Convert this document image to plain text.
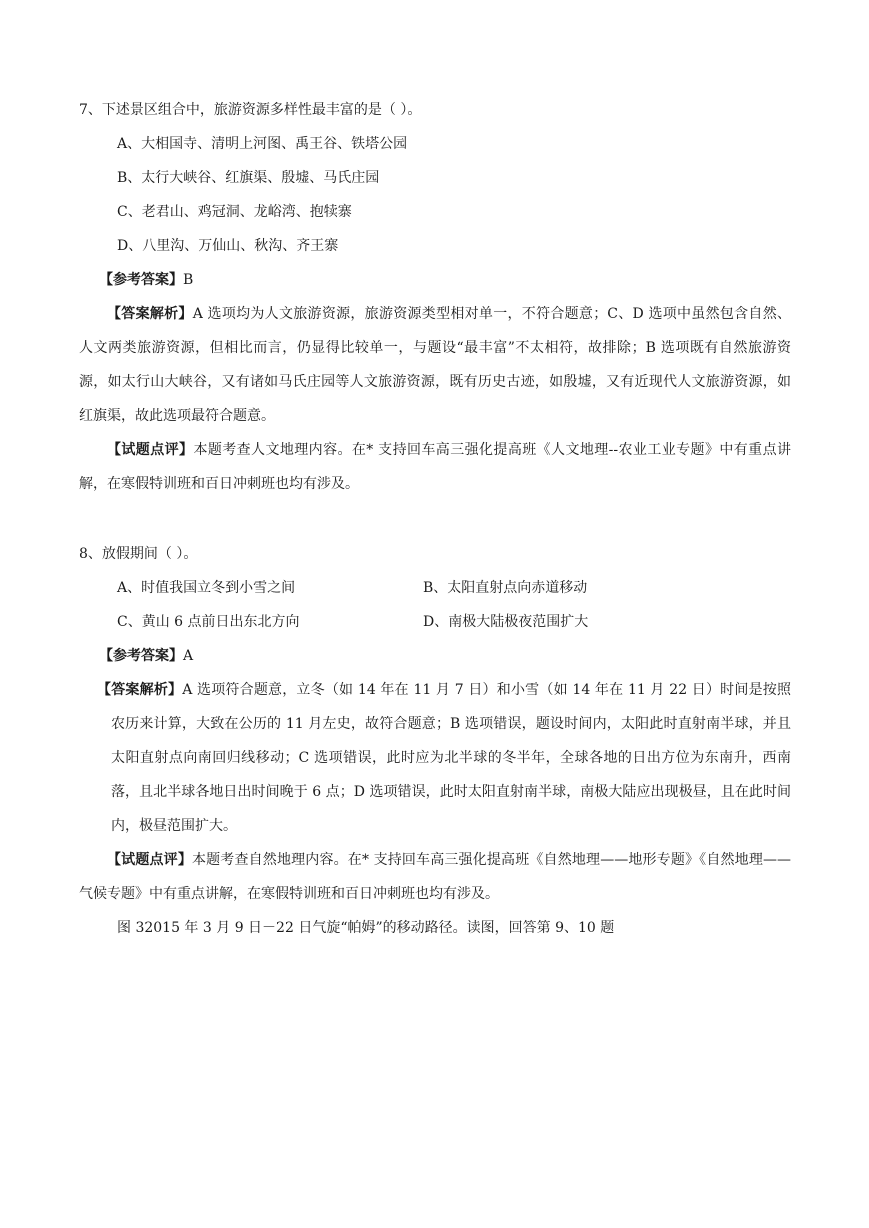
7、下述景区组合中，旅游资源多样性最丰富的是（ ）。
A、大相国寺、清明上河图、禹王谷、铁塔公园
B、太行大峡谷、红旗渠、殷墟、马氏庄园
C、老君山、鸡冠洞、龙峪湾、抱犊寨
D、八里沟、万仙山、秋沟、齐王寨
【参考答案】B
【答案解析】A 选项均为人文旅游资源，旅游资源类型相对单一，不符合题意；C、D 选项中虽然包含自然、人文两类旅游资源，但相比而言，仍显得比较单一，与题设“最丰富”不太相符，故排除；B 选项既有自然旅游资源，如太行山大峡谷，又有诸如马氏庄园等人文旅游资源，既有历史古迹，如殷墟，又有近现代人文旅游资源，如红旗渠，故此选项最符合题意。
【试题点评】本题考查人文地理内容。在* 支持回车高三强化提高班《人文地理--农业工业专题》中有重点讲解，在寒假特训班和百日冲刺班也均有涉及。
8、放假期间（ ）。
A、时值我国立冬到小雪之间	B、太阳直射点向赤道移动
C、黄山 6 点前日出东北方向	D、南极大陆极夜范围扩大
【参考答案】A
【答案解析】A 选项符合题意，立冬（如 14 年在 11 月 7 日）和小雪（如 14 年在 11 月 22 日）时间是按照农历来计算，大致在公历的 11 月左史，故符合题意；B 选项错误，题设时间内，太阳此时直射南半球，并且太阳直射点向南回归线移动；C 选项错误，此时应为北半球的冬半年，全球各地的日出方位为东南升，西南落，且北半球各地日出时间晚于 6 点；D 选项错误，此时太阳直射南半球，南极大陆应出现极昼，且在此时间内，极昼范围扩大。
【试题点评】本题考查自然地理内容。在* 支持回车高三强化提高班《自然地理——地形专题》《自然地理——气候专题》中有重点讲解，在寒假特训班和百日冲刺班也均有涉及。
图 32015 年 3 月 9 日－22 日气旋“帕姆”的移动路径。读图，回答第 9、10 题
